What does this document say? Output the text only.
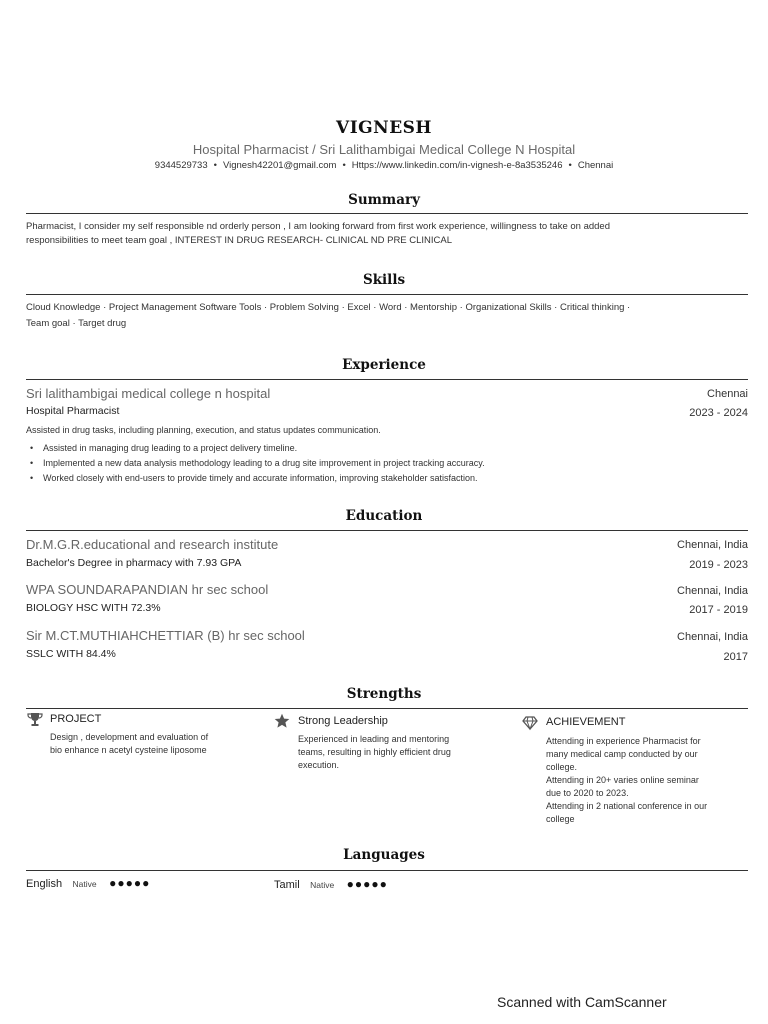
VIGNESH
Hospital Pharmacist / Sri Lalithambigai Medical College N Hospital
9344529733 • Vignesh42201@gmail.com • Https://www.linkedin.com/in-vignesh-e-8a3535246 • Chennai
Summary
Pharmacist, I consider my self responsible nd orderly person , I am looking forward from first work experience, willingness to take on added
responsibilities to meet team goal , INTEREST IN DRUG RESEARCH- CLINICAL ND PRE CLINICAL
Skills
Cloud Knowledge · Project Management Software Tools · Problem Solving · Excel · Word · Mentorship · Organizational Skills · Critical thinking ·
Team goal · Target drug
Experience
Sri lalithambigai medical college n hospital	Chennai
Hospital Pharmacist	2023 - 2024
Assisted in drug tasks, including planning, execution, and status updates communication.
• Assisted in managing drug leading to a project delivery timeline.
• Implemented a new data analysis methodology leading to a drug site improvement in project tracking accuracy.
• Worked closely with end-users to provide timely and accurate information, improving stakeholder satisfaction.
Education
Dr.M.G.R.educational and research institute	Chennai, India
Bachelor's Degree in pharmacy with 7.93 GPA	2019 - 2023
WPA SOUNDARAPANDIAN hr sec school	Chennai, India
BIOLOGY HSC WITH 72.3%	2017 - 2019
Sir M.CT.MUTHIAHCHETTIAR (B) hr sec school	Chennai, India
SSLC WITH 84.4%	2017
Strengths
PROJECT
Design , development and evaluation of
bio enhance n acetyl cysteine liposome
Strong Leadership
Experienced in leading and mentoring
teams, resulting in highly efficient drug
execution.
ACHIEVEMENT
Attending in experience Pharmacist for
many medical camp conducted by our
college.
Attending in 20+ varies online seminar
due to 2020 to 2023.
Attending in 2 national conference in our
college
Languages
English Native ●●●●●	Tamil Native ●●●●●
Scanned with CamScanner
